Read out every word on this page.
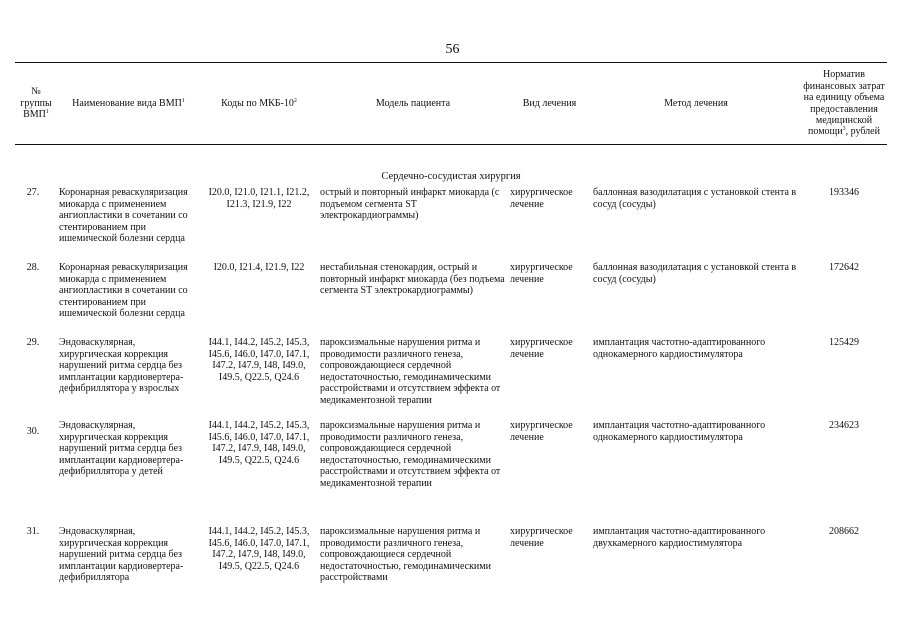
56
№ группы ВМП$^1$	Наименование вида ВМП$^1$	Коды по МКБ-$10^2$	Модель пациента	Вид лечения	Метод лечения	Норматив финансовых затрат на единицу объема предоставления медицинской помощи$^3$, рублей

Сердечно-сосудистая хирургия						
27.	Коронарная реваскуляризация миокарда с применением ангиопластики в сочетании со стентированием при ишемической болезни сердца	I20.0, I21.0, I21.1, I21.2, I21.3, I21.9, I22	острый и повторный инфаркт миокарда (с подъемом сегмента ST электрокардиограммы)	хирургическое лечение	баллонная вазодилатация с установкой стента в сосуд (сосуды)	193346
28.	Коронарная реваскуляризация миокарда с применением ангиопластики в сочетании со стентированием при ишемической болезни сердца	I20.0, I21.4, I21.9, I22	нестабильная стенокардия, острый и повторный инфаркт миокарда (без подъема сегмента ST электрокардиограммы)	хирургическое лечение	баллонная вазодилатация с установкой стента в сосуд (сосуды)	172642
29.	Эндоваскулярная, хирургическая коррекция нарушений ритма сердца без имплантации кардиовертера-дефибриллятора у взрослых	I44.1, I44.2, I45.2, I45.3, I45.6, I46.0, I47.0, I47.1, I47.2, I47.9, I48, I49.0, I49.5, Q22.5, Q24.6	пароксизмальные нарушения ритма и проводимости различного генеза, сопровождающиеся сердечной недостаточностью, гемодинамическими расстройствами и отсутствием эффекта от медикаментозной терапии	хирургическое лечение	имплантация частотно-адаптированного однокамерного кардиостимулятора	125429
30.	Эндоваскулярная, хирургическая коррекция нарушений ритма сердца без имплантации кардиовертера-дефибриллятора у детей	I44.1, I44.2, I45.2, I45.3, I45.6, I46.0, I47.0, I47.1, I47.2, I47.9, I48, I49.0, I49.5, Q22.5, Q24.6	пароксизмальные нарушения ритма и проводимости различного генеза, сопровождающиеся сердечной недостаточностью, гемодинамическими расстройствами и отсутствием эффекта от медикаментозной терапии	хирургическое лечение	имплантация частотно-адаптированного однокамерного кардиостимулятора	234623
31.	Эндоваскулярная, хирургическая коррекция нарушений ритма сердца без имплантации кардиовертера-дефибриллятора	I44.1, I44.2, I45.2, I45.3, I45.6, I46.0, I47.0, I47.1, I47.2, I47.9, I48, I49.0, I49.5, Q22.5, Q24.6	пароксизмальные нарушения ритма и проводимости различного генеза, сопровождающиеся сердечной недостаточностью, гемодинамическими расстройствами	хирургическое лечение	имплантация частотно-адаптированного двухкамерного кардиостимулятора	208662
